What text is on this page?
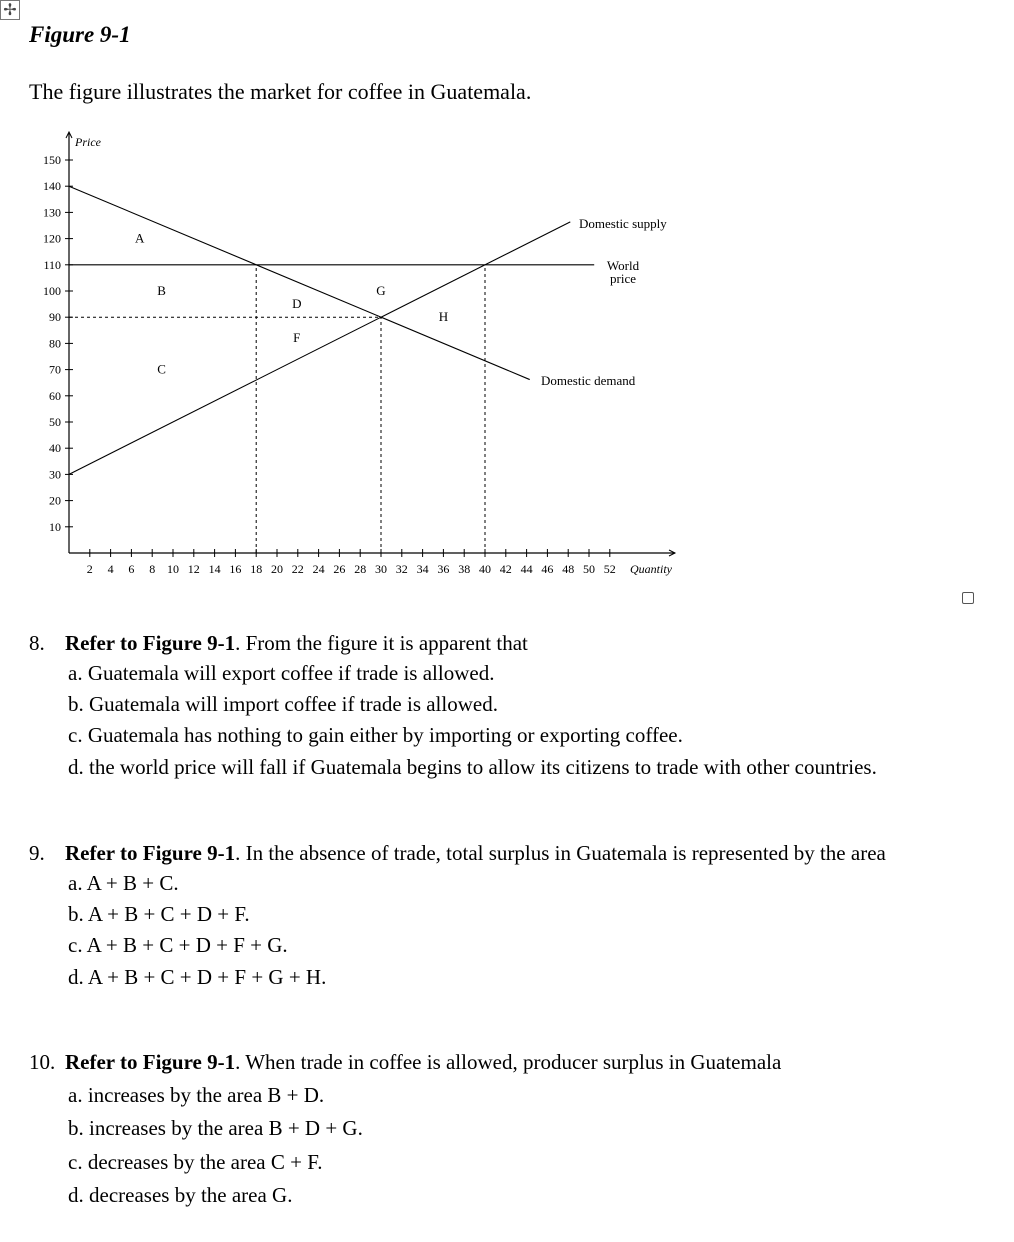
✢
Figure 9-1
The figure illustrates the market for coffee in Guatemala.
Price
Quantity
10
20
30
40
50
60
70
80
90
100
110
120
130
140
150
2 4 6 8 10 12 14 16 18 20 22 24 26 28 30 32 34 36 38 40 42 44 46 48 50 52
Domestic supply
Domestic demand
World
price
A
B
C
D
F
G
H
8. Refer to Figure 9-1. From the figure it is apparent that
a. Guatemala will export coffee if trade is allowed.
b. Guatemala will import coffee if trade is allowed.
c. Guatemala has nothing to gain either by importing or exporting coffee.
d. the world price will fall if Guatemala begins to allow its citizens to trade with other countries.
9. Refer to Figure 9-1. In the absence of trade, total surplus in Guatemala is represented by the area
a. A + B + C.
b. A + B + C + D + F.
c. A + B + C + D + F + G.
d. A + B + C + D + F + G + H.
10. Refer to Figure 9-1. When trade in coffee is allowed, producer surplus in Guatemala
a. increases by the area B + D.
b. increases by the area B + D + G.
c. decreases by the area C + F.
d. decreases by the area G.
